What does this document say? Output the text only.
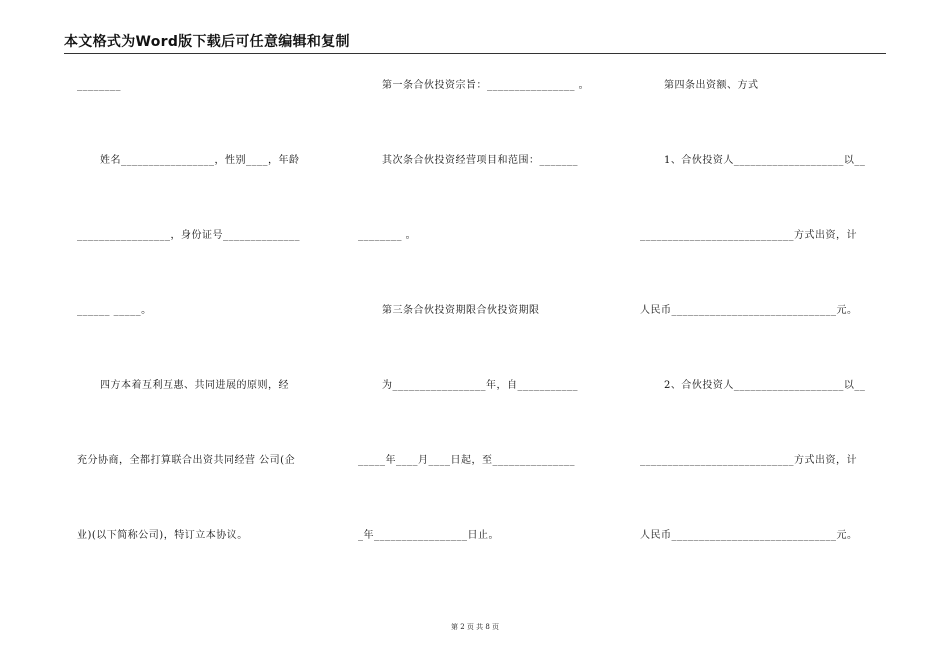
本文格式为Word版下载后可任意编辑和复制
________
姓名_________________，性别____，年龄
_________________，身份证号______________
______ _____。
四方本着互利互惠、共同进展的原则，经
充分协商，全都打算联合出资共同经营 公司(企
业)(以下简称公司)，特订立本协议。
第一条合伙投资宗旨：________________ 。
其次条合伙投资经营项目和范围：_______
________ 。
第三条合伙投资期限合伙投资期限
为_________________年，自___________
_____年____月____日起，至_______________
_年_________________日止。
第四条出资额、方式
1、合伙投资人____________________以__
____________________________方式出资，计
人民币______________________________元。
2、合伙投资人____________________以__
____________________________方式出资，计
人民币______________________________元。
第 2 页 共 8 页
